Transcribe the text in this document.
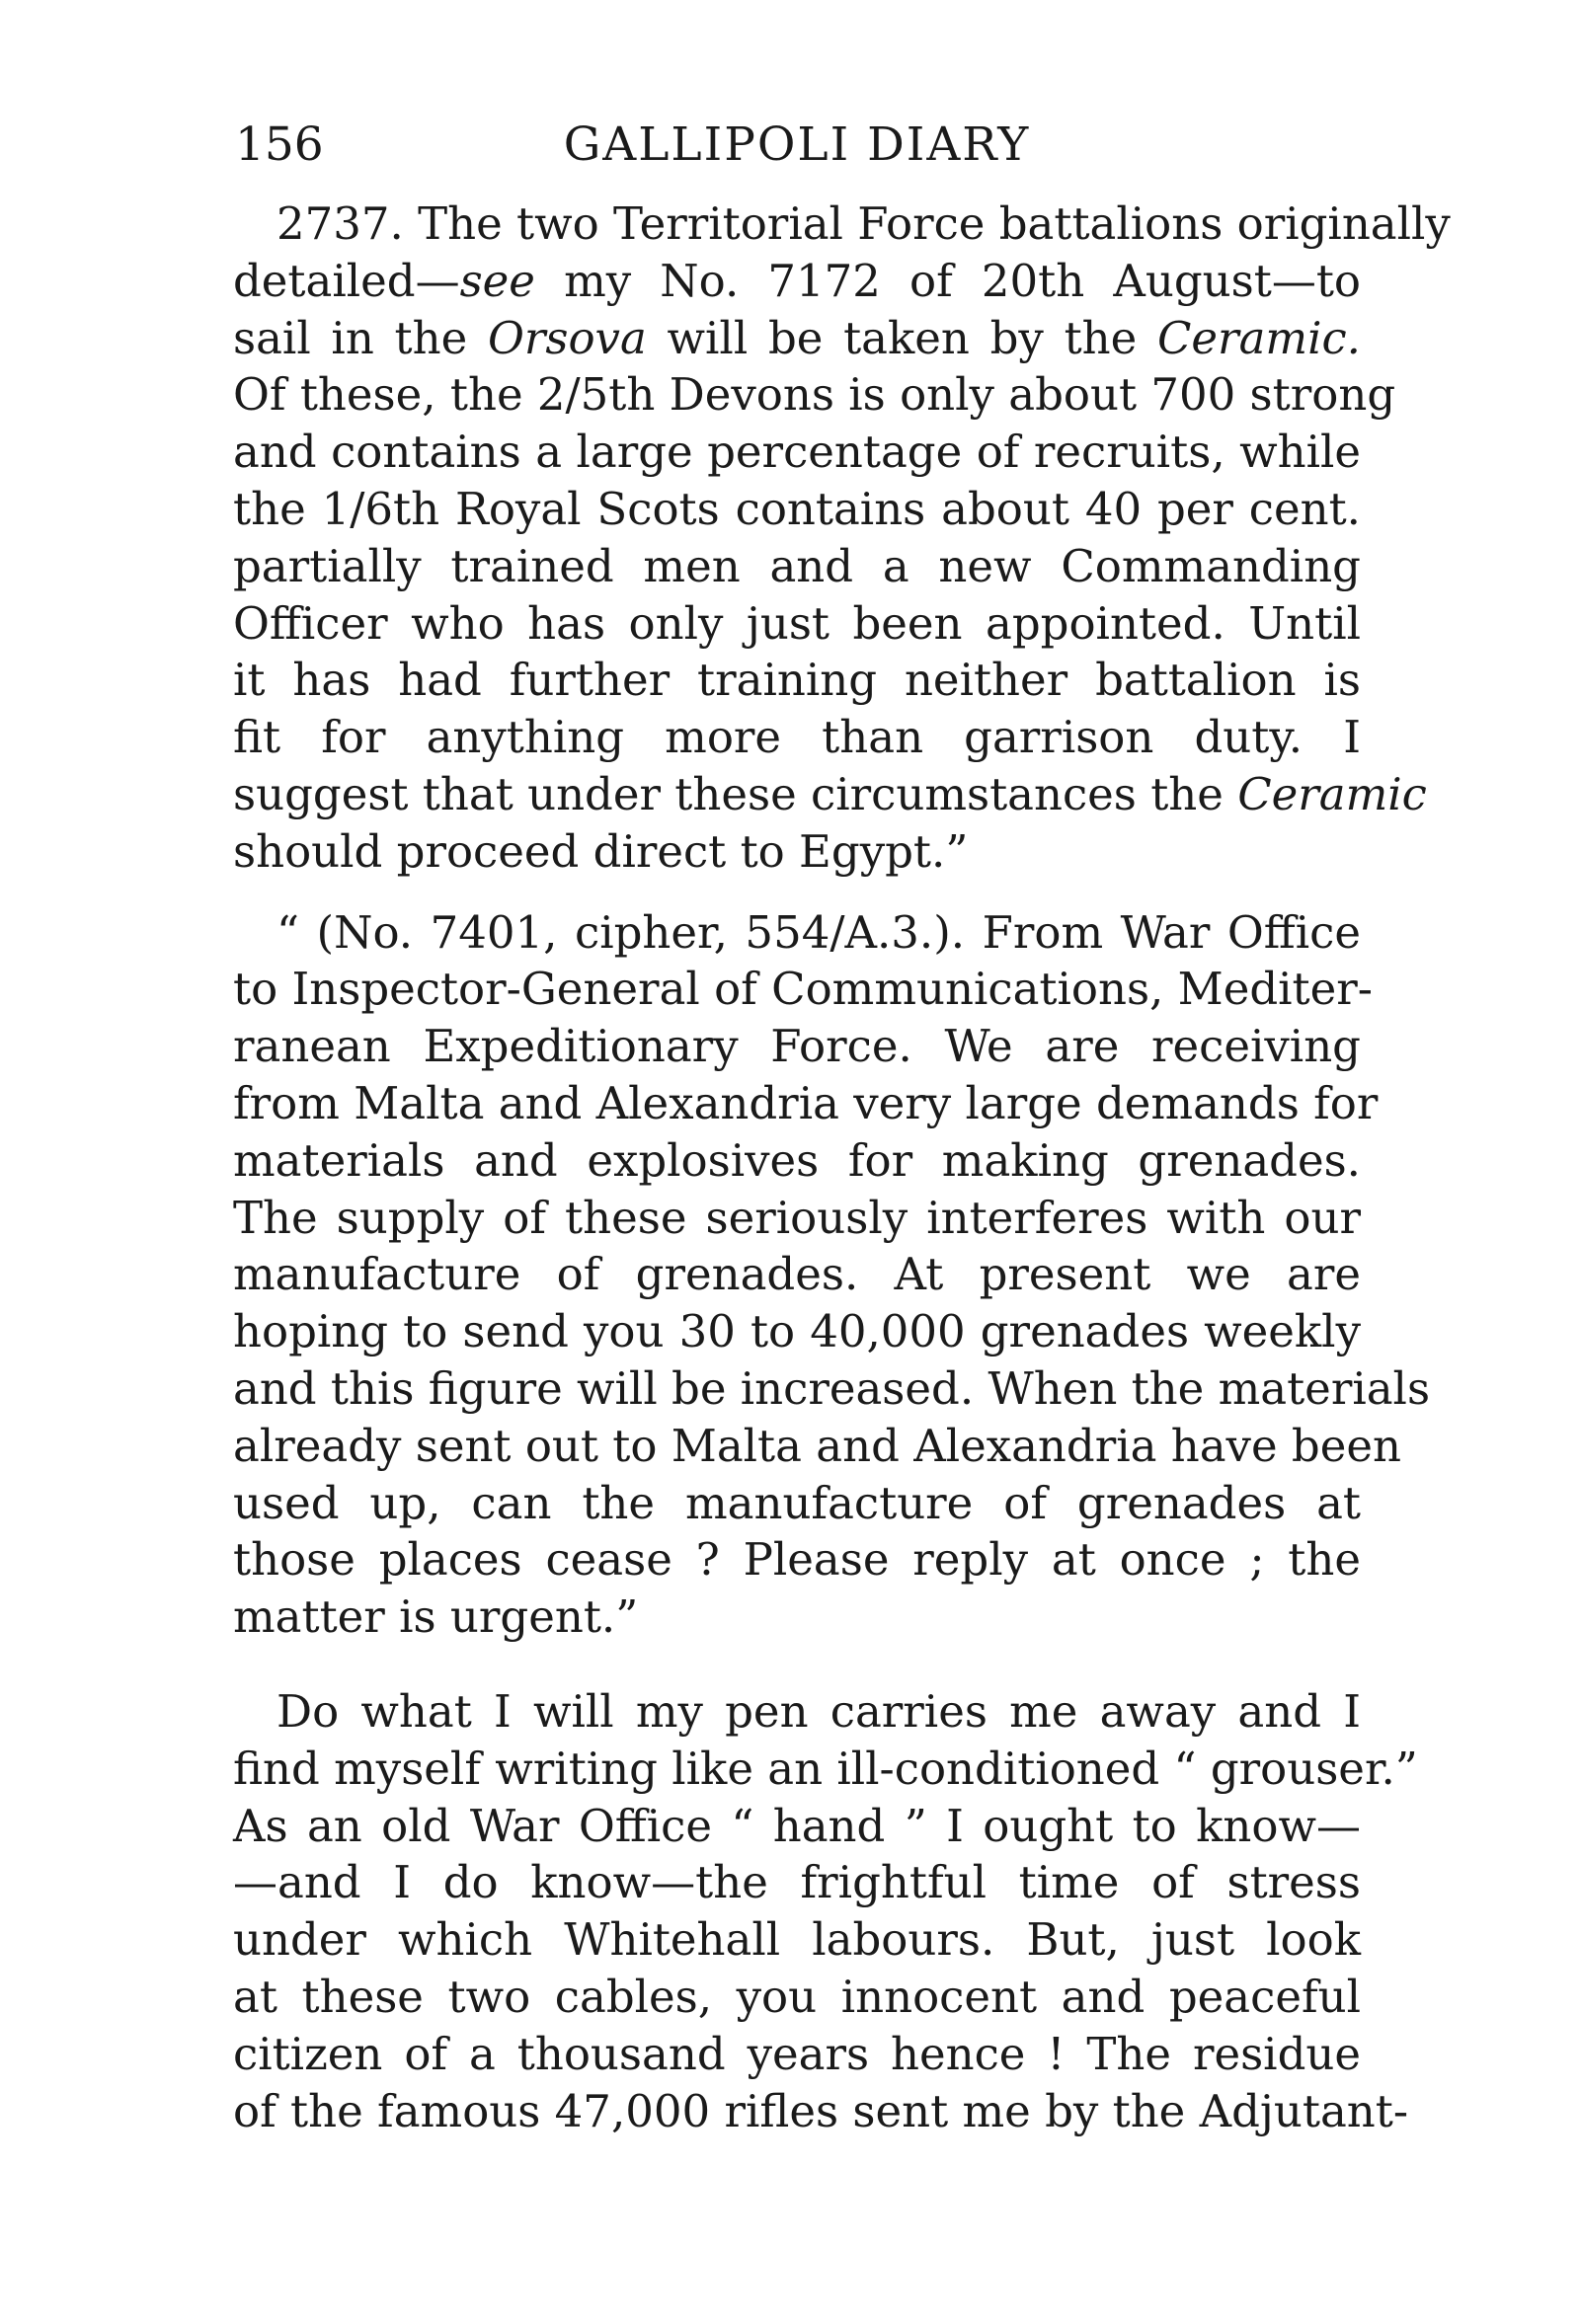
156	GALLIPOLI DIARY
2737. The two Territorial Force battalions originally
detailed—see my No. 7172 of 20th August—to
sail in the Orsova will be taken by the Ceramic.
Of these, the 2/5th Devons is only about 700 strong
and contains a large percentage of recruits, while
the 1/6th Royal Scots contains about 40 per cent.
partially trained men and a new Commanding
Officer who has only just been appointed. Until
it has had further training neither battalion is
fit for anything more than garrison duty. I
suggest that under these circumstances the Ceramic
should proceed direct to Egypt.”
“ (No. 7401, cipher, 554/A.3.). From War Office
to Inspector-General of Communications, Mediter-
ranean Expeditionary Force. We are receiving
from Malta and Alexandria very large demands for
materials and explosives for making grenades.
The supply of these seriously interferes with our
manufacture of grenades. At present we are
hoping to send you 30 to 40,000 grenades weekly
and this figure will be increased. When the materials
already sent out to Malta and Alexandria have been
used up, can the manufacture of grenades at
those places cease ? Please reply at once ; the
matter is urgent.”
Do what I will my pen carries me away and I
find myself writing like an ill-conditioned “ grouser.”
As an old War Office “ hand ” I ought to know—
—and I do know—the frightful time of stress
under which Whitehall labours. But, just look
at these two cables, you innocent and peaceful
citizen of a thousand years hence ! The residue
of the famous 47,000 rifles sent me by the Adjutant-
